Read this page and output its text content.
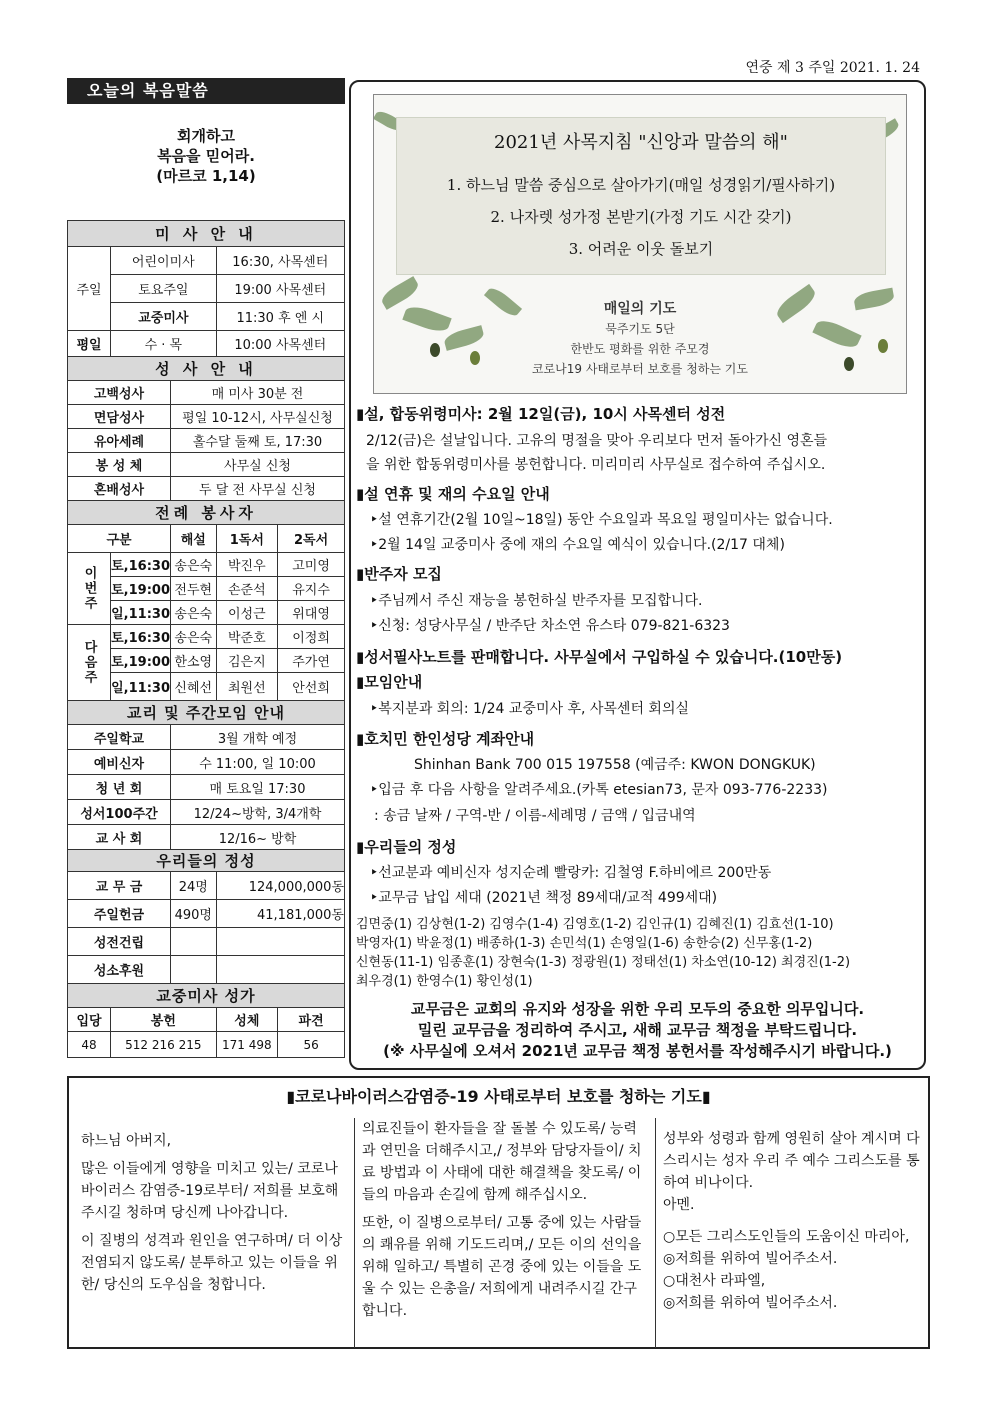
연중 제 3 주일 2021. 1. 24
오늘의 복음말씀
회개하고
복음을 믿어라.
(마르코 1,14)
미 사 안 내				
주일	어린이미사		16:30, 사목센터	
	토요주일		19:00 사목센터	
	교중미사		11:30 후 엔 시	
평일	수 · 목		10:00 사목센터	
성 사 안 내				
고백성사		매 미사 30분 전		
면담성사		평일 10-12시, 사무실신청		
유아세례		홀수달 둘째 토, 17:30		
봉 성 체		사무실 신청		
혼배성사		두 달 전 사무실 신청		
전례 봉사자				
구분		해설	1독서	2독서
이번주	토,16:30	송은숙	박진우	고미영
	토,19:00	전두현	손준석	유지수
	일,11:30	송은숙	이성근	위대영
다음주	토,16:30	송은숙	박준호	이정희
	토,19:00	한소영	김은지	주가연
	일,11:30	신혜선	최원선	안선희
교리 및 주간모임 안내				
주일학교		3월 개학 예정		
예비신자		수 11:00, 일 10:00		
청 년 회		매 토요일 17:30		
성서100주간		12/24~방학, 3/4개학		
교 사 회		12/16~ 방학		
우리들의 정성				
교 무 금		24명	124,000,000동	
주일헌금		490명	41,181,000동	
성전건립				
성소후원				
교중미사 성가				
입당	봉헌		성체	파견
48	512 216 215		171 498	56
2021년 사목지침 "신앙과 말씀의 해"
1. 하느님 말씀 중심으로 살아가기(매일 성경읽기/필사하기)
2. 나자렛 성가정 본받기(가정 기도 시간 갖기)
3. 어려운 이웃 돌보기
매일의 기도
묵주기도 5단
한반도 평화를 위한 주모경
코로나19 사태로부터 보호를 청하는 기도
▮설, 합동위령미사: 2월 12일(금), 10시 사목센터 성전
2/12(금)은 설날입니다. 고유의 명절을 맞아 우리보다 먼저 돌아가신 영혼들
을 위한 합동위령미사를 봉헌합니다. 미리미리 사무실로 접수하여 주십시오.
▮설 연휴 및 재의 수요일 안내
‣설 연휴기간(2월 10일~18일) 동안 수요일과 목요일 평일미사는 없습니다.
‣2월 14일 교중미사 중에 재의 수요일 예식이 있습니다.(2/17 대체)
▮반주자 모집
‣주님께서 주신 재능을 봉헌하실 반주자를 모집합니다.
‣신청: 성당사무실 / 반주단 차소연 유스타 079-821-6323
▮성서필사노트를 판매합니다. 사무실에서 구입하실 수 있습니다.(10만동)
▮모임안내
‣복지분과 회의: 1/24 교중미사 후, 사목센터 회의실
▮호치민 한인성당 계좌안내
Shinhan Bank 700 015 197558 (예금주: KWON DONGKUK)
‣입금 후 다음 사항을 알려주세요.(카톡 etesian73, 문자 093-776-2233)
: 송금 날짜 / 구역-반 / 이름-세례명 / 금액 / 입금내역
▮우리들의 정성
‣선교분과 예비신자 성지순례 빨랑카: 김철영 F.하비에르 200만동
‣교무금 납입 세대 (2021년 책정 89세대/교적 499세대)
김면중(1) 김상현(1-2) 김영수(1-4) 김영호(1-2) 김인규(1) 김혜진(1) 김효선(1-10)
박영자(1) 박윤정(1) 배종하(1-3) 손민석(1) 손영일(1-6) 송한승(2) 신무홍(1-2)
신현동(11-1) 임종훈(1) 장현숙(1-3) 정광원(1) 정태선(1) 차소연(10-12) 최경진(1-2)
최우경(1) 한영수(1) 황인성(1)
교무금은 교회의 유지와 성장을 위한 우리 모두의 중요한 의무입니다.
밀린 교무금을 정리하여 주시고, 새해 교무금 책정을 부탁드립니다.
(※ 사무실에 오셔서 2021년 교무금 책정 봉헌서를 작성해주시기 바랍니다.)
▮코로나바이러스감염증-19 사태로부터 보호를 청하는 기도▮

하느님 아버지,

많은 이들에게 영향을 미치고 있는/ 코로나 바이러스 감염증-19로부터/ 저희를 보호해주시길 청하며 당신께 나아갑니다.

이 질병의 성격과 원인을 연구하며/ 더 이상 전염되지 않도록/ 분투하고 있는 이들을 위한/ 당신의 도우심을 청합니다.

의료진들이 환자들을 잘 돌볼 수 있도록/ 능력과 연민을 더해주시고,/ 정부와 담당자들이/ 치료 방법과 이 사태에 대한 해결책을 찾도록/ 이들의 마음과 손길에 함께 해주십시오.

또한, 이 질병으로부터/ 고통 중에 있는 사람들의 쾌유를 위해 기도드리며,/ 모든 이의 선익을 위해 일하고/ 특별히 곤경 중에 있는 이들을 도울 수 있는 은총을/ 저희에게 내려주시길 간구합니다.

성부와 성령과 함께 영원히 살아 계시며 다스리시는 성자 우리 주 예수 그리스도를 통하여 비나이다.
아멘.
○모든 그리스도인들의 도움이신 마리아,
◎저희를 위하여 빌어주소서.
○대천사 라파엘,
◎저희를 위하여 빌어주소서.
